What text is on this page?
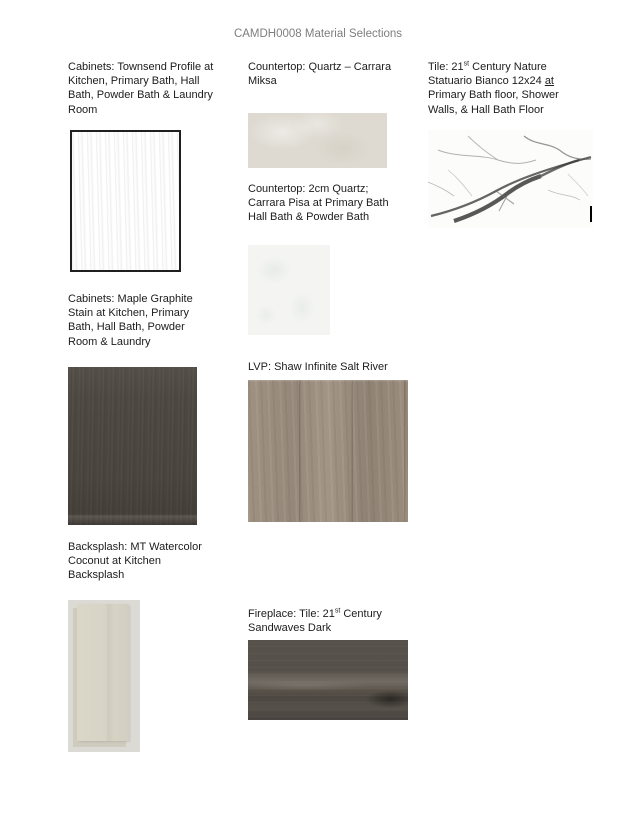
CAMDH0008 Material Selections
Cabinets: Townsend Profile at Kitchen, Primary Bath, Hall Bath, Powder Bath & Laundry Room
Countertop: Quartz – Carrara Miksa
Tile: 21st Century Nature Statuario Bianco 12x24 at Primary Bath floor, Shower Walls, & Hall Bath Floor
Countertop: 2cm Quartz; Carrara Pisa at Primary Bath Hall Bath & Powder Bath
Cabinets: Maple Graphite Stain at Kitchen, Primary Bath, Hall Bath, Powder Room & Laundry
LVP: Shaw Infinite Salt River
Backsplash: MT Watercolor Coconut at Kitchen Backsplash
Fireplace: Tile: 21st Century Sandwaves Dark
